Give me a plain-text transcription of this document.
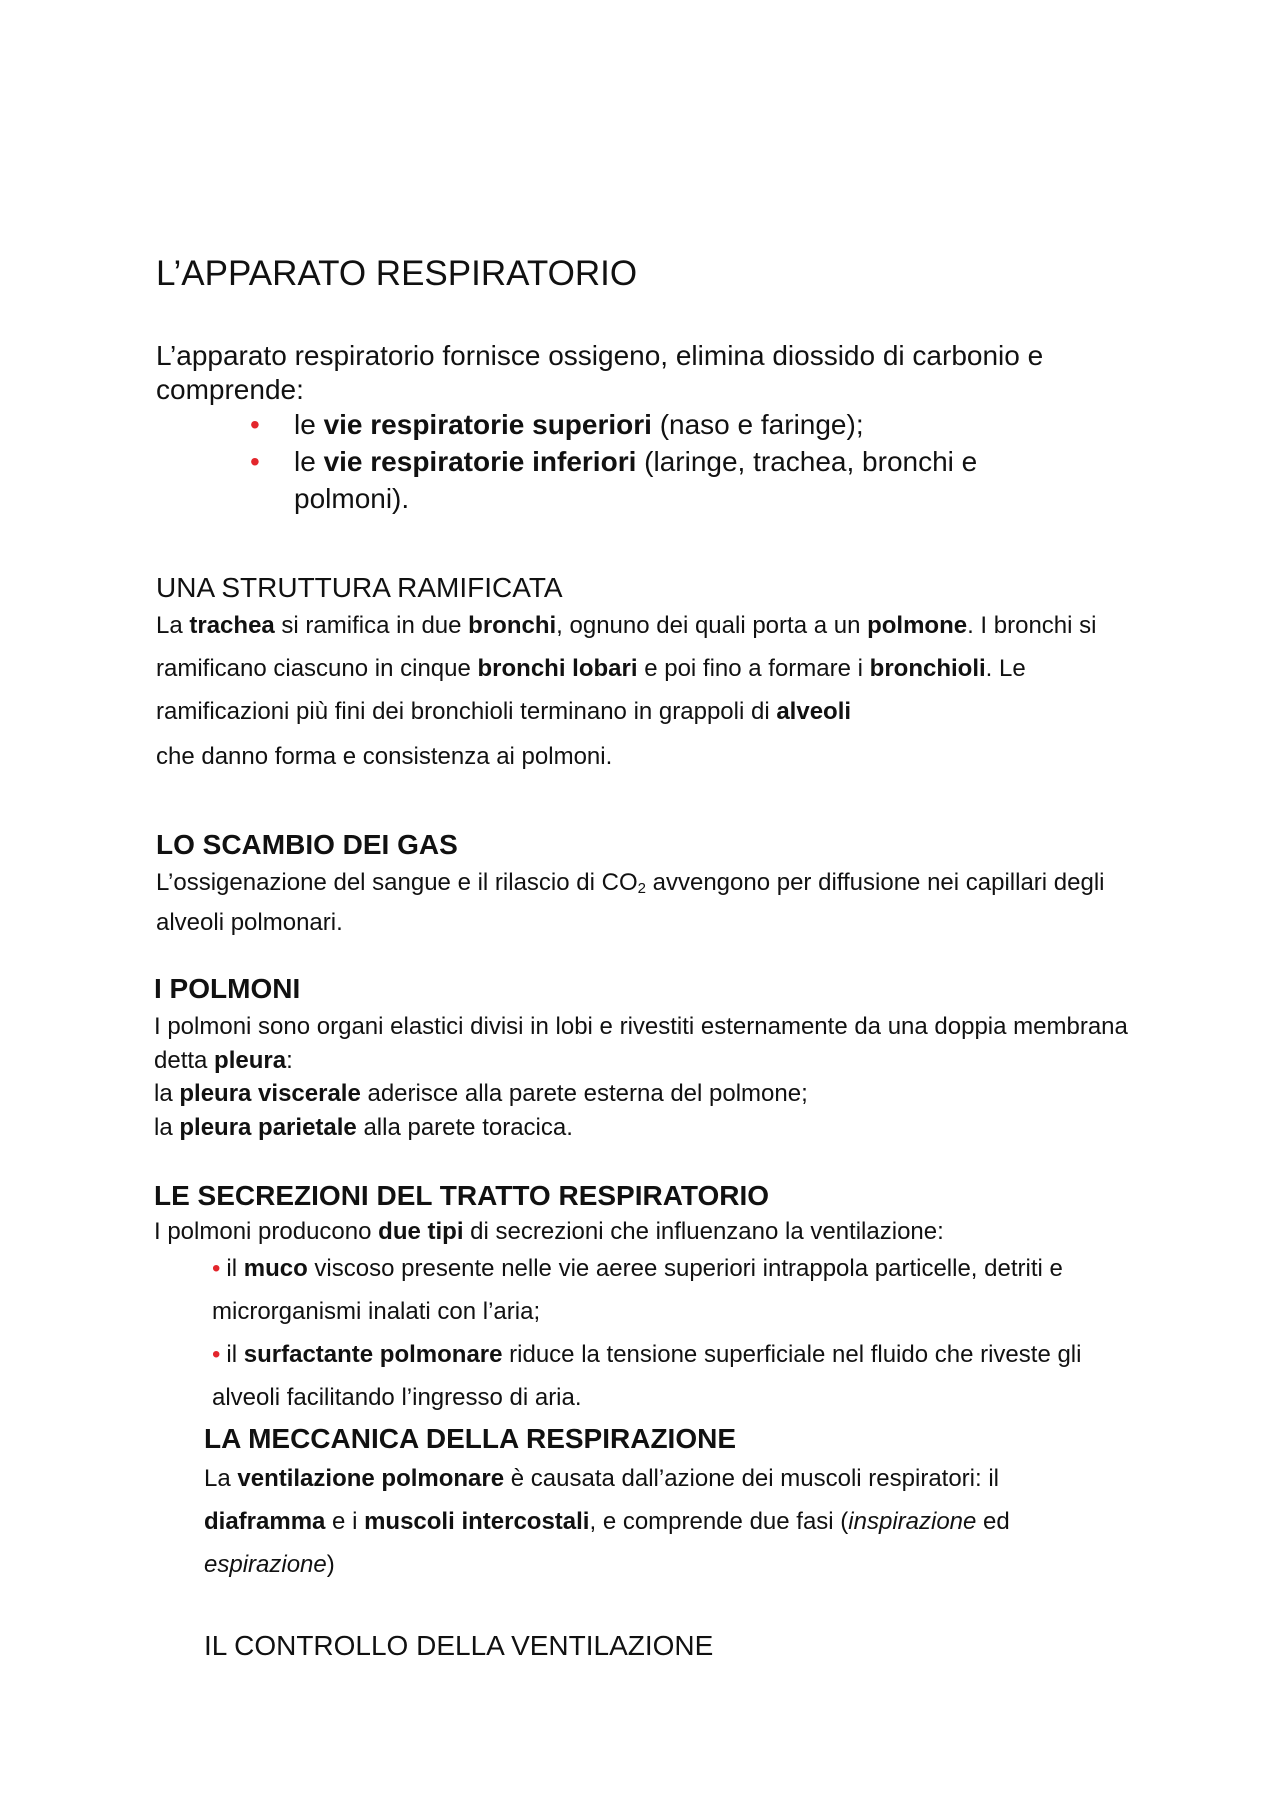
L’APPARATO RESPIRATORIO
L’apparato respiratorio fornisce ossigeno, elimina diossido di carbonio e
comprende:
• le vie respiratorie superiori (naso e faringe);
• le vie respiratorie inferiori (laringe, trachea, bronchi e polmoni).
UNA STRUTTURA RAMIFICATA

La trachea si ramifica in due bronchi, ognuno dei quali porta a un polmone. I bronchi si ramificano ciascuno in cinque bronchi lobari e poi fino a formare i bronchioli. Le ramificazioni più fini dei bronchioli terminano in grappoli di alveoli
che danno forma e consistenza ai polmoni.

LO SCAMBIO DEI GAS

L’ossigenazione del sangue e il rilascio di $CO_2$ avvengono per diffusione nei capillari degli alveoli polmonari.

I POLMONI

I polmoni sono organi elastici divisi in lobi e rivestiti esternamente da una doppia membrana detta pleura:
la pleura viscerale aderisce alla parete esterna del polmone;
la pleura parietale alla parete toracica.

LE SECREZIONI DEL TRATTO RESPIRATORIO

I polmoni producono due tipi di secrezioni che influenzano la ventilazione:

• il muco viscoso presente nelle vie aeree superiori intrappola particelle, detriti e microrganismi inalati con l’aria;
• il surfactante polmonare riduce la tensione superficiale nel fluido che riveste gli alveoli facilitando l’ingresso di aria.
LA MECCANICA DELLA RESPIRAZIONE

La ventilazione polmonare è causata dall’azione dei muscoli respiratori: il diaframma e i muscoli intercostali, e comprende due fasi (inspirazione ed espirazione)

IL CONTROLLO DELLA VENTILAZIONE
